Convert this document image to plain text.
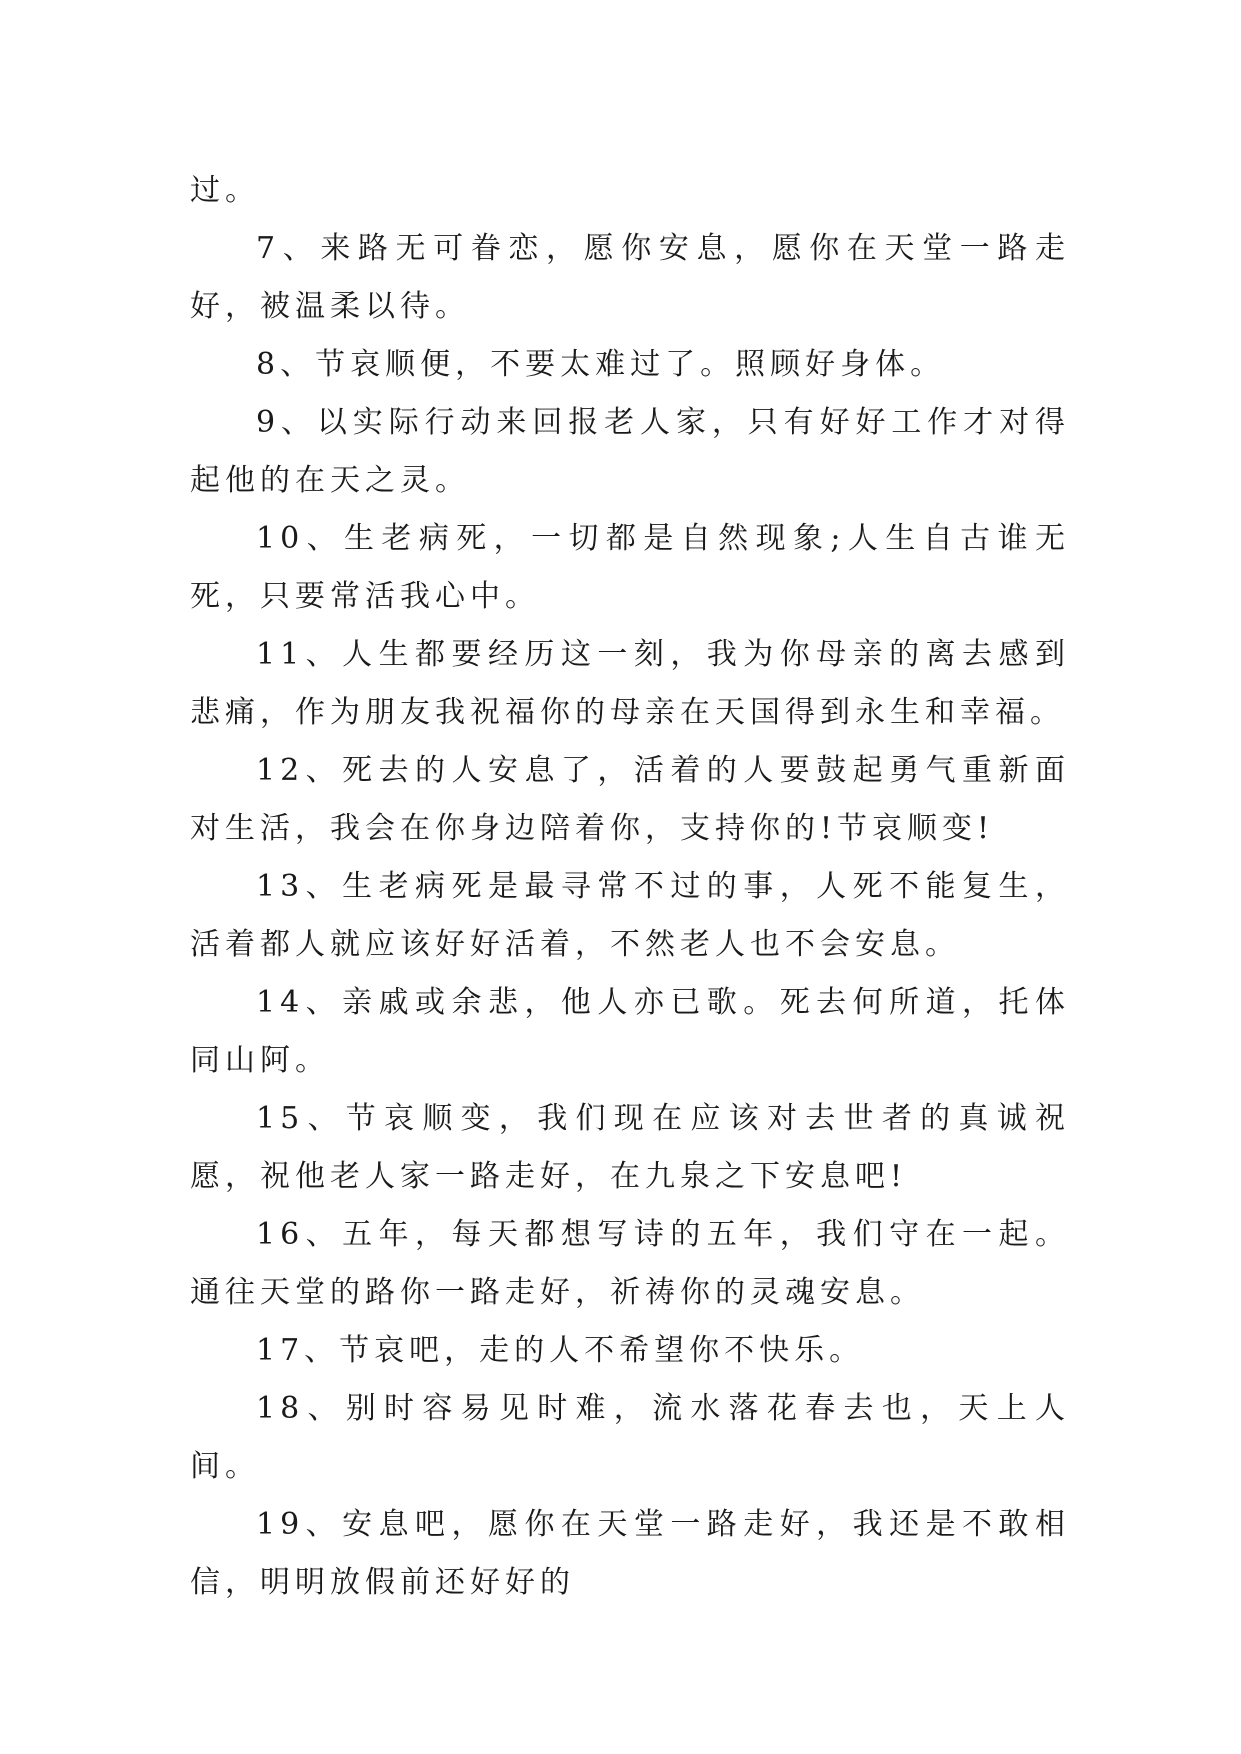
过。

7、来路无可眷恋，愿你安息，愿你在天堂一路走好，被温柔以待。

8、节哀顺便，不要太难过了。照顾好身体。

9、以实际行动来回报老人家，只有好好工作才对得起他的在天之灵。

10、生老病死，一切都是自然现象;人生自古谁无死，只要常活我心中。

11、人生都要经历这一刻，我为你母亲的离去感到悲痛，作为朋友我祝福你的母亲在天国得到永生和幸福。

12、死去的人安息了，活着的人要鼓起勇气重新面对生活，我会在你身边陪着你，支持你的!节哀顺变!

13、生老病死是最寻常不过的事，人死不能复生，活着都人就应该好好活着，不然老人也不会安息。

14、亲戚或余悲，他人亦已歌。死去何所道，托体同山阿。

15、节哀顺变，我们现在应该对去世者的真诚祝愿，祝他老人家一路走好，在九泉之下安息吧!

16、五年，每天都想写诗的五年，我们守在一起。通往天堂的路你一路走好，祈祷你的灵魂安息。

17、节哀吧，走的人不希望你不快乐。

18、别时容易见时难，流水落花春去也，天上人间。

19、安息吧，愿你在天堂一路走好，我还是不敢相信，明明放假前还好好的
